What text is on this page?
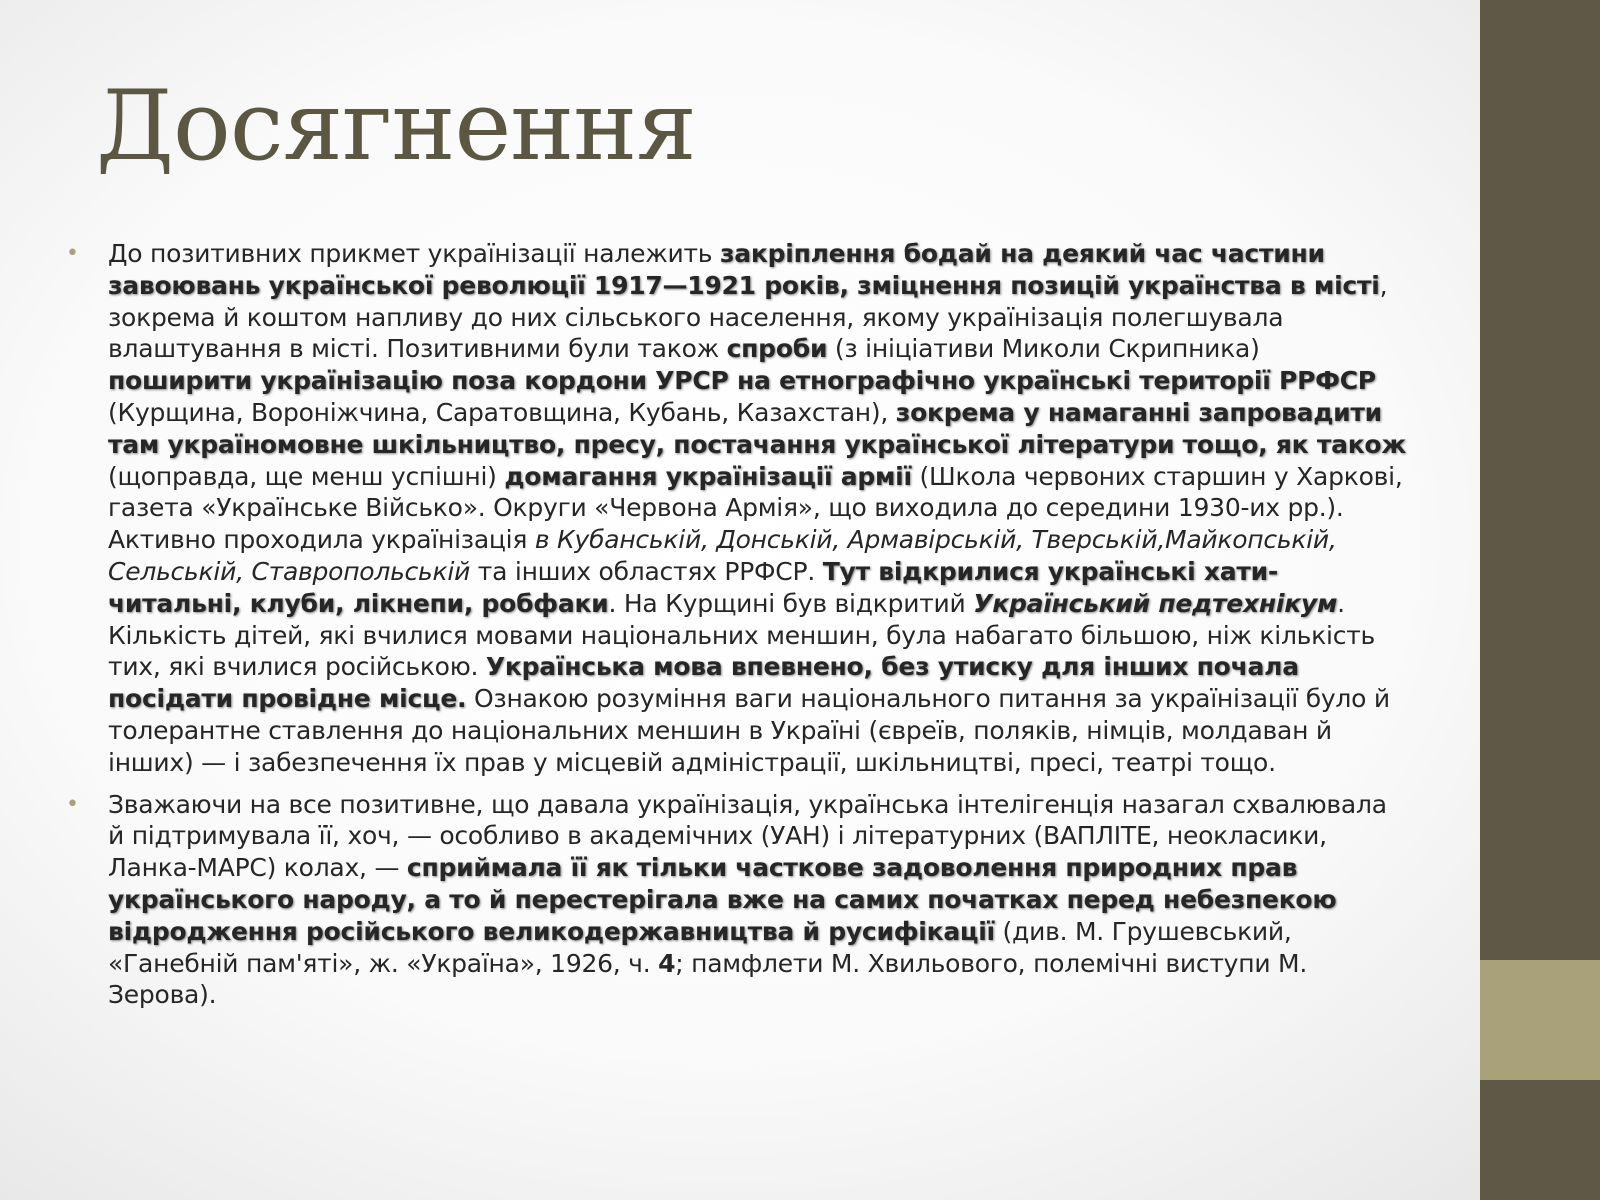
Досягнення
• До позитивних прикмет українізації належить закріплення бодай на деякий час частини завоювань української революції 1917—1921 років, зміцнення позицій українства в місті, зокрема й коштом напливу до них сільського населення, якому українізація полегшувала влаштування в місті. Позитивними були також спроби (з ініціативи Миколи Скрипника) поширити українізацію поза кордони УРСР на етнографічно українські території РРФСР (Курщина, Вороніжчина, Саратовщина, Кубань, Казахстан), зокрема у намаганні запровадити там україномовне шкільництво, пресу, постачання української літератури тощо, як також (щоправда, ще менш успішні) домагання українізації армії (Школа червоних старшин у Харкові, газета «Українське Військо». Округи «Червона Армія», що виходила до середини 1930-их рр.). Активно проходила українізація в Кубанській, Донській, Армавірській, Тверській,Майкопській, Сельській, Ставропольській та інших областях РРФСР. Тут відкрилися українські хати-читальні, клуби, лікнепи, робфаки. На Курщині був відкритий Український педтехнікум. Кількість дітей, які вчилися мовами національних меншин, була набагато більшою, ніж кількість тих, які вчилися російською. Українська мова впевнено, без утиску для інших почала посідати провідне місце. Ознакою розуміння ваги національного питання за українізації було й толерантне ставлення до національних меншин в Україні (євреїв, поляків, німців, молдаван й інших) — і забезпечення їх прав у місцевій адміністрації, шкільництві, пресі, театрі тощо.
• Зважаючи на все позитивне, що давала українізація, українська інтелігенція назагал схвалювала й підтримувала її, хоч, — особливо в академічних (УАН) і літературних (ВАПЛІТЕ, неокласики, Ланка-МАРС) колах, — сприймала її як тільки часткове задоволення природних прав українського народу, а то й перестерігала вже на самих початках перед небезпекою відродження російського великодержавництва й русифікації (див. М. Грушевський, «Ганебній пам'яті», ж. «Україна», 1926, ч. 4; памфлети М. Хвильового, полемічні виступи М. Зерова).
